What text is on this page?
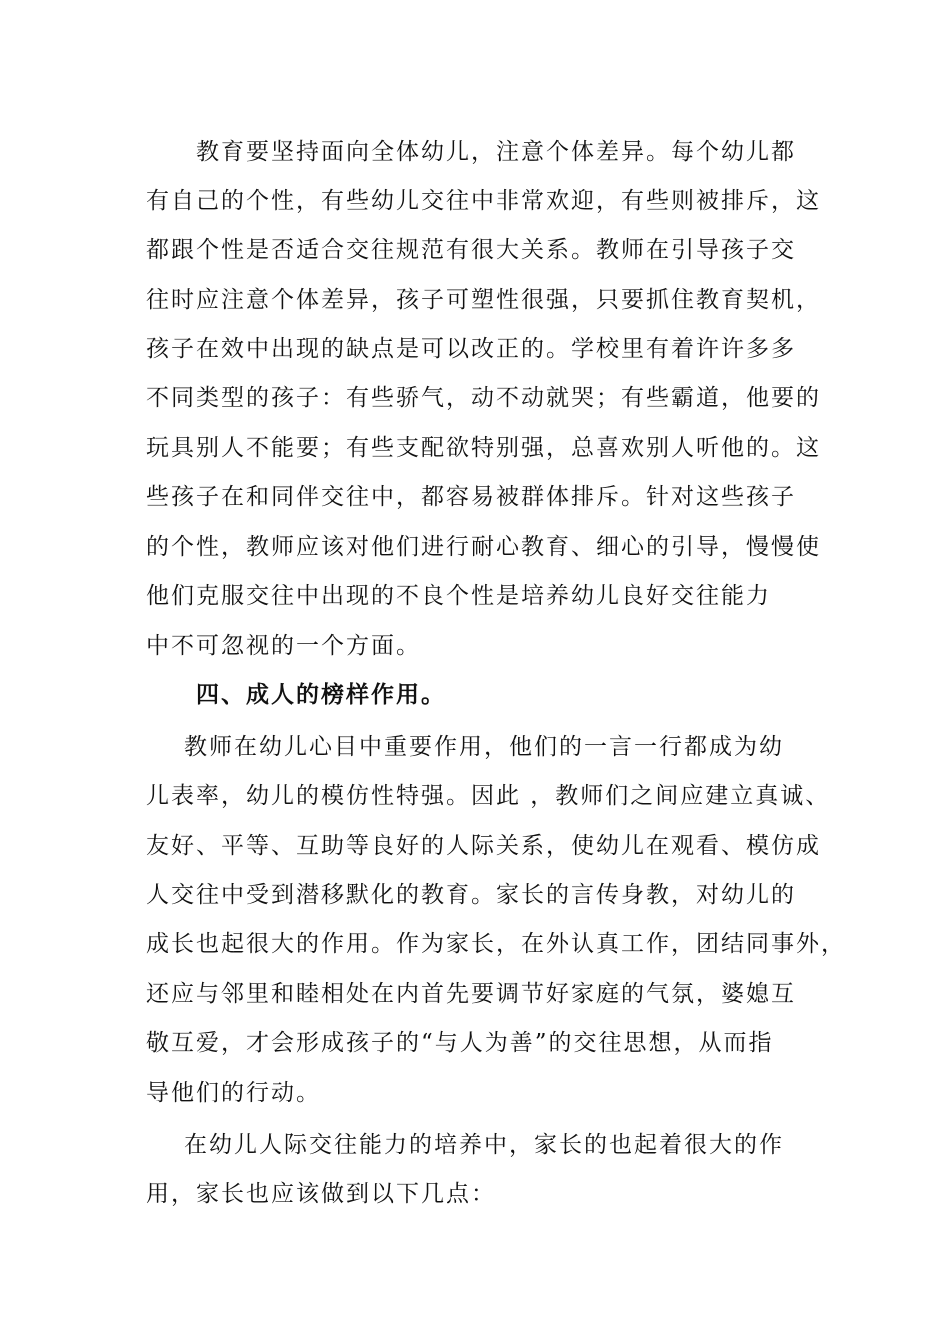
教育要坚持面向全体幼儿，注意个体差异。每个幼儿都
有自己的个性，有些幼儿交往中非常欢迎，有些则被排斥，这
都跟个性是否适合交往规范有很大关系。教师在引导孩子交
往时应注意个体差异，孩子可塑性很强，只要抓住教育契机，
孩子在效中出现的缺点是可以改正的。学校里有着许许多多
不同类型的孩子：有些骄气，动不动就哭；有些霸道，他要的
玩具别人不能要；有些支配欲特别强，总喜欢别人听他的。这
些孩子在和同伴交往中，都容易被群体排斥。针对这些孩子
的个性，教师应该对他们进行耐心教育、细心的引导，慢慢使
他们克服交往中出现的不良个性是培养幼儿良好交往能力
中不可忽视的一个方面。
四、成人的榜样作用。
教师在幼儿心目中重要作用，他们的一言一行都成为幼
儿表率，幼儿的模仿性特强。因此 ，教师们之间应建立真诚、
友好、平等、互助等良好的人际关系，使幼儿在观看、模仿成
人交往中受到潜移默化的教育。家长的言传身教，对幼儿的
成长也起很大的作用。作为家长，在外认真工作，团结同事外，
还应与邻里和睦相处在内首先要调节好家庭的气氛，婆媳互
敬互爱，才会形成孩子的“与人为善”的交往思想，从而指
导他们的行动。
在幼儿人际交往能力的培养中，家长的也起着很大的作
用，家长也应该做到以下几点：
